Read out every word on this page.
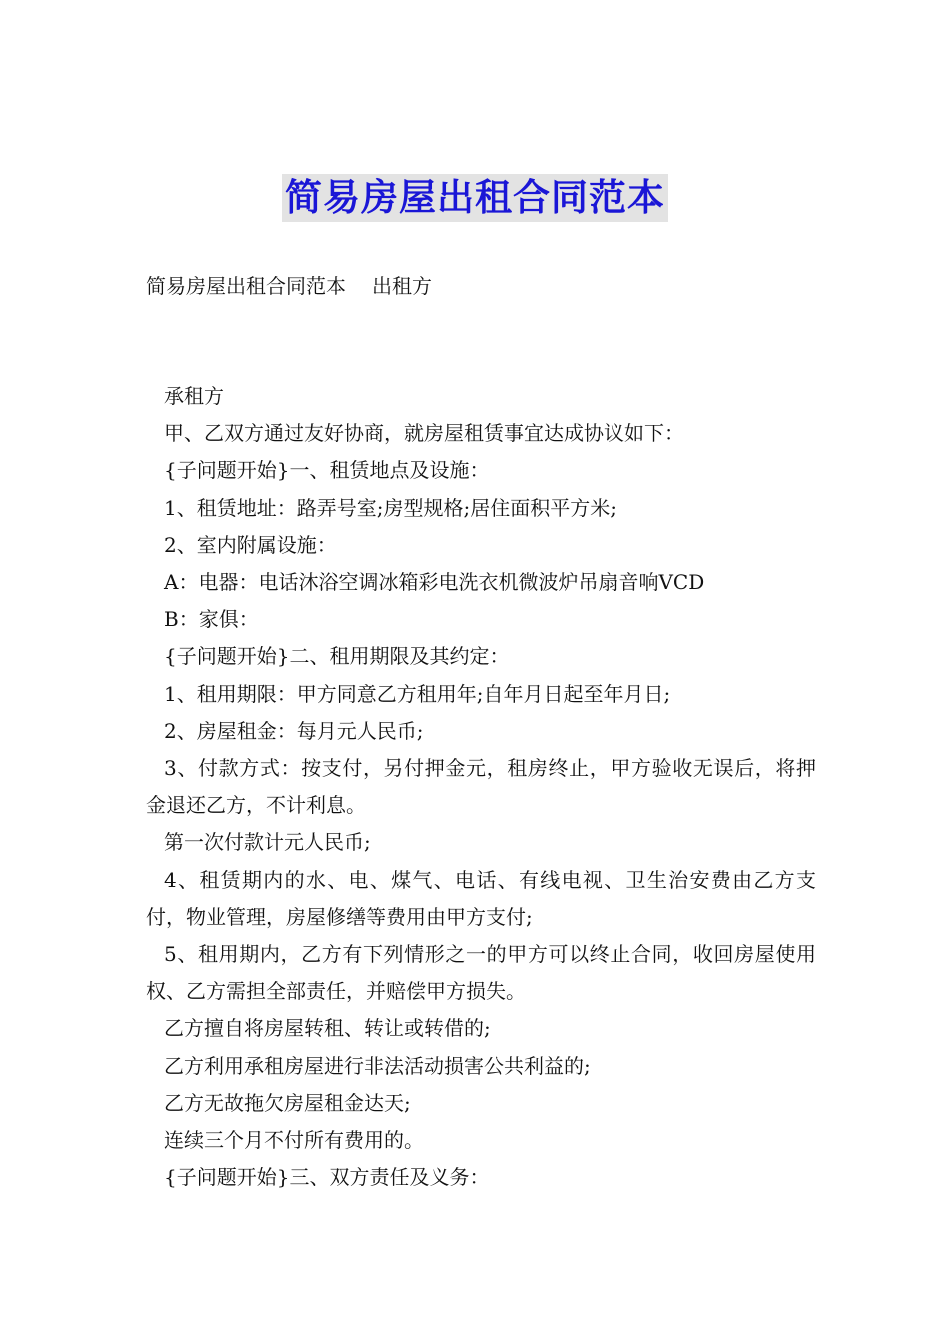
简易房屋出租合同范本
简易房屋出租合同范本 出租方

承租方

甲、乙双方通过友好协商，就房屋租赁事宜达成协议如下：

{子问题开始}一、租赁地点及设施：

1、租赁地址：路弄号室;房型规格;居住面积平方米;

2、室内附属设施：

A：电器：电话沐浴空调冰箱彩电洗衣机微波炉吊扇音响VCD

B：家俱：

{子问题开始}二、租用期限及其约定：

1、租用期限：甲方同意乙方租用年;自年月日起至年月日;

2、房屋租金：每月元人民币;

3、付款方式：按支付，另付押金元，租房终止，甲方验收无误后，将押金退还乙方，不计利息。

第一次付款计元人民币;

4、租赁期内的水、电、煤气、电话、有线电视、卫生治安费由乙方支付，物业管理，房屋修缮等费用由甲方支付;

5、租用期内，乙方有下列情形之一的甲方可以终止合同，收回房屋使用权、乙方需担全部责任，并赔偿甲方损失。

乙方擅自将房屋转租、转让或转借的;

乙方利用承租房屋进行非法活动损害公共利益的;

乙方无故拖欠房屋租金达天;

连续三个月不付所有费用的。

{子问题开始}三、双方责任及义务：
